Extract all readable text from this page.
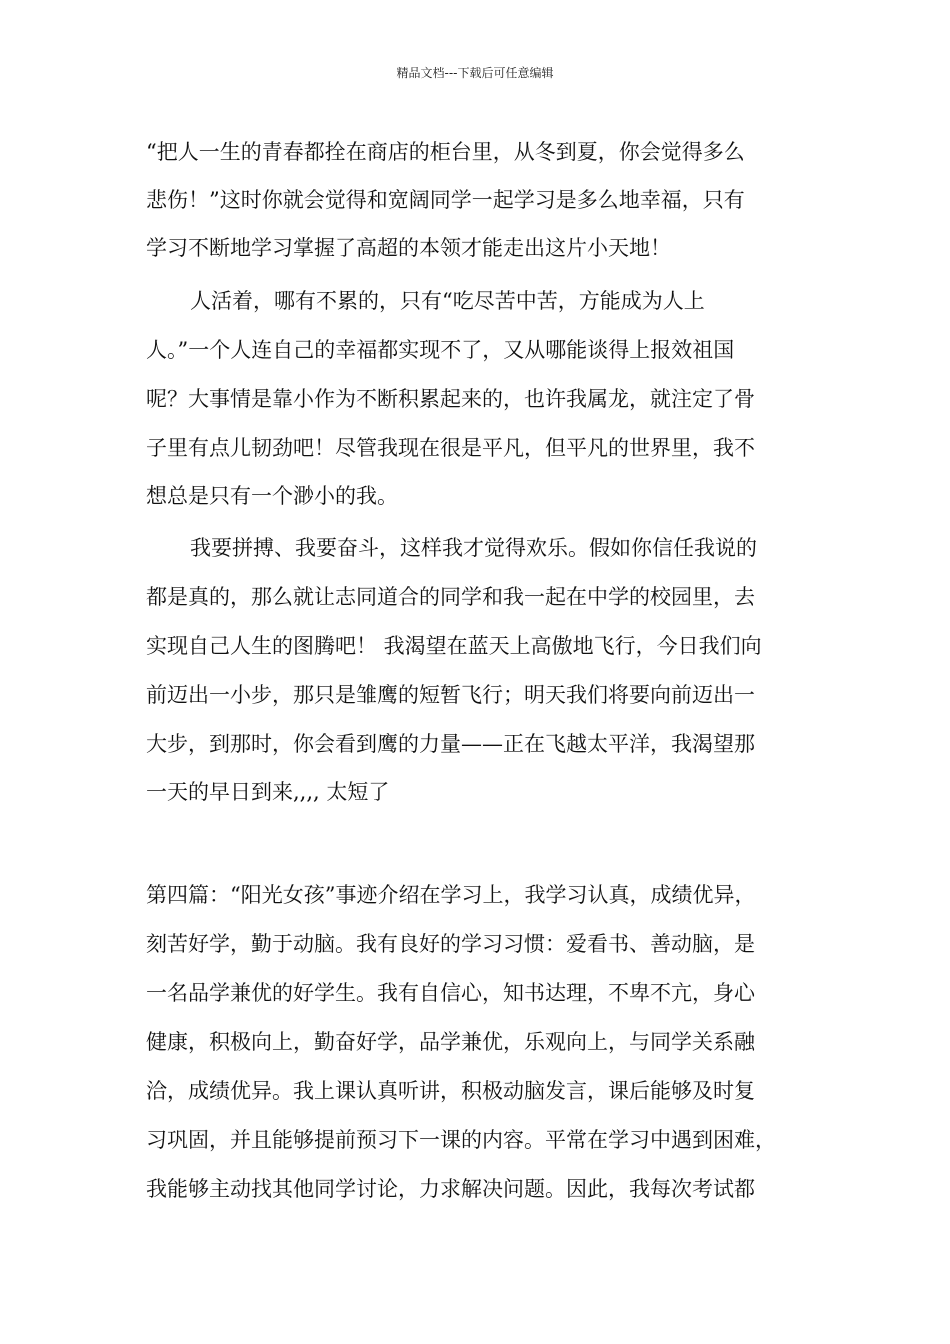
精品文档---下载后可任意编辑
“把人一生的青春都拴在商店的柜台里，从冬到夏，你会觉得多么
悲伤！”这时你就会觉得和宽阔同学一起学习是多么地幸福，只有
学习不断地学习掌握了高超的本领才能走出这片小天地！
人活着，哪有不累的，只有“吃尽苦中苦，方能成为人上
人。”一个人连自己的幸福都实现不了，又从哪能谈得上报效祖国
呢？大事情是靠小作为不断积累起来的，也许我属龙，就注定了骨
子里有点儿韧劲吧！尽管我现在很是平凡，但平凡的世界里，我不
想总是只有一个渺小的我。
我要拼搏、我要奋斗，这样我才觉得欢乐。假如你信任我说的
都是真的，那么就让志同道合的同学和我一起在中学的校园里，去
实现自己人生的图腾吧！ 我渴望在蓝天上高傲地飞行，今日我们向
前迈出一小步，那只是雏鹰的短暂飞行；明天我们将要向前迈出一
大步，到那时，你会看到鹰的力量——正在飞越太平洋，我渴望那
一天的早日到来,,,, 太短了
第四篇：“阳光女孩”事迹介绍在学习上，我学习认真，成绩优异，
刻苦好学，勤于动脑。我有良好的学习习惯：爱看书、善动脑，是
一名品学兼优的好学生。我有自信心，知书达理，不卑不亢，身心
健康，积极向上，勤奋好学，品学兼优，乐观向上，与同学关系融
洽，成绩优异。我上课认真听讲，积极动脑发言，课后能够及时复
习巩固，并且能够提前预习下一课的内容。平常在学习中遇到困难，
我能够主动找其他同学讨论，力求解决问题。因此，我每次考试都
